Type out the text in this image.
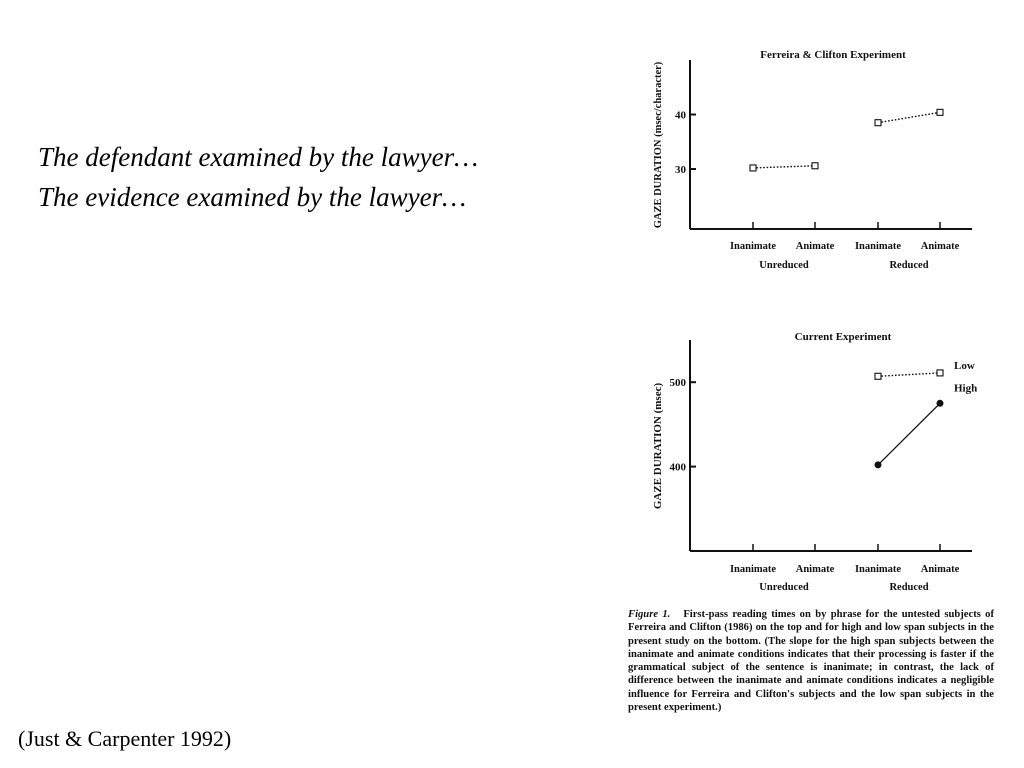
The defendant examined by the lawyer…
The evidence examined by the lawyer…
(Just & Carpenter 1992)
Ferreira & Clifton Experiment
GAZE DURATION (msec/character) 30
40
Inanimate Animate Inanimate Animate
Unreduced	Reduced
Current Experiment
GAZE DURATION (msec) 400
500
Inanimate Animate Inanimate Animate
Unreduced	Reduced
Low
High
Figure 1. First-pass reading times on by phrase for the untested subjects of Ferreira and Clifton (1986) on the top and for high and low span subjects in the present study on the bottom. (The slope for the high span subjects between the inanimate and animate conditions indicates that their processing is faster if the grammatical subject of the sentence is inanimate; in contrast, the lack of difference between the inanimate and animate conditions indicates a negligible influence for Ferreira and Clifton's subjects and the low span subjects in the present experiment.)
